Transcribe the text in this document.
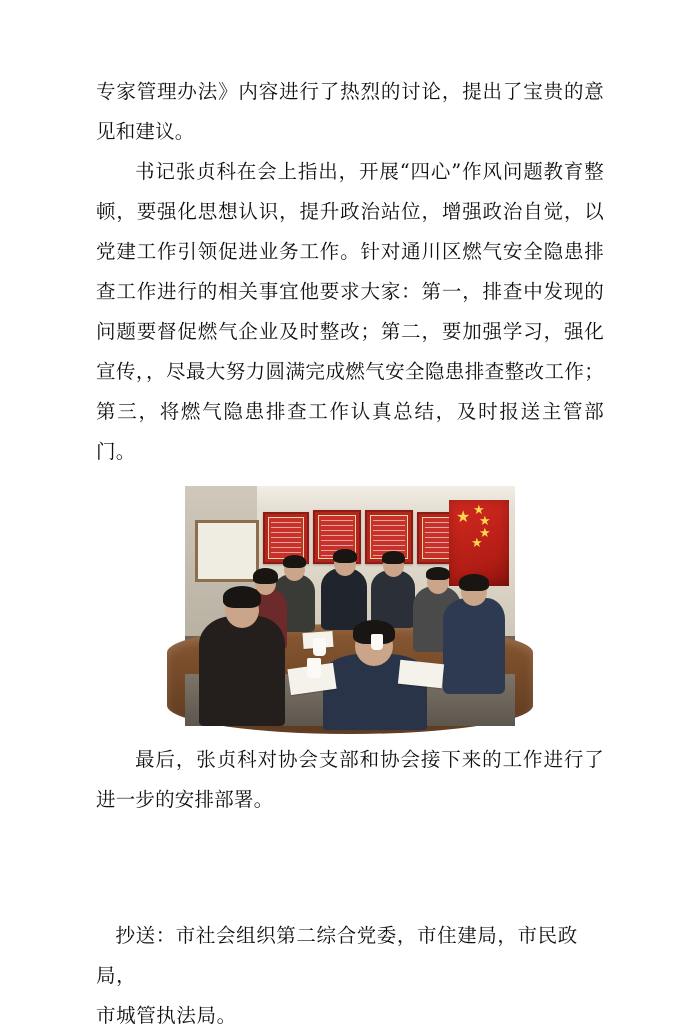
专家管理办法》内容进行了热烈的讨论，提出了宝贵的意见和建议。

书记张贞科在会上指出，开展“四心”作风问题教育整顿，要强化思想认识，提升政治站位，增强政治自觉，以党建工作引领促进业务工作。针对通川区燃气安全隐患排查工作进行的相关事宜他要求大家：第一，排查中发现的问题要督促燃气企业及时整改；第二，要加强学习，强化宣传，，尽最大努力圆满完成燃气安全隐患排查整改工作；第三，将燃气隐患排查工作认真总结，及时报送主管部门。

★ ★
★
★
★

最后，张贞科对协会支部和协会接下来的工作进行了进一步的安排部署。

抄送：市社会组织第二综合党委，市住建局，市民政局，

市城管执法局。
